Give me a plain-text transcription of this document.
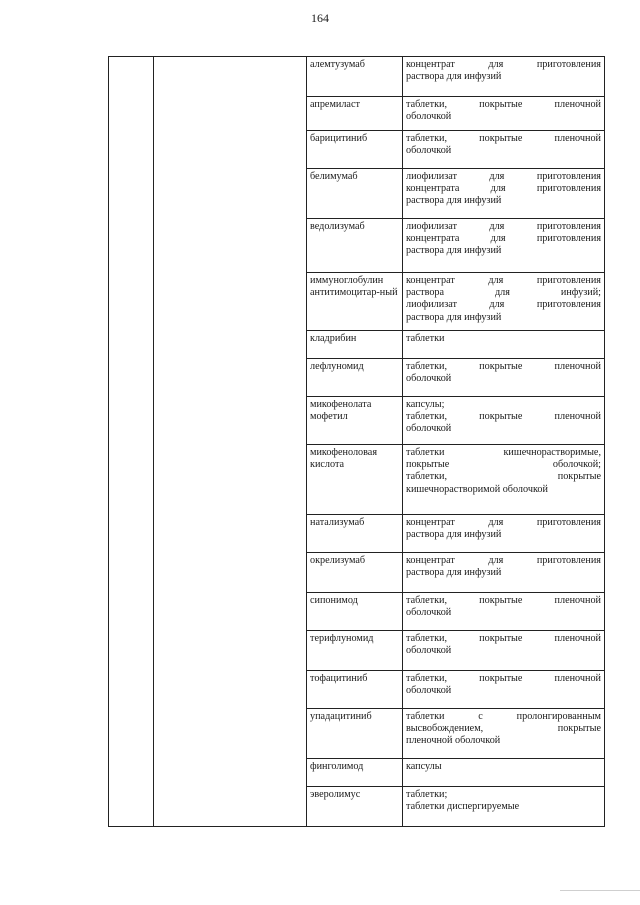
164
		алемтузумаб	концентрат для приготовления
раствора для инфузий

		апремиласт	таблетки, покрытые пленочной
оболочкой

		барицитиниб	таблетки, покрытые пленочной
оболочкой

		белимумаб	лиофилизат для приготовления
концентрата для приготовления
раствора для инфузий

		ведолизумаб	лиофилизат для приготовления
концентрата для приготовления
раствора для инфузий

		иммуноглобулин антитимоцитар-ный	концентрат для приготовления
раствора для инфузий;
лиофилизат для приготовления
раствора для инфузий

		кладрибин	таблетки

		лефлуномид	таблетки, покрытые пленочной
оболочкой

		микофенолата мофетил	капсулы;
таблетки, покрытые пленочной
оболочкой

		микофеноловая кислота	таблетки кишечнорастворимые,
покрытые оболочкой;
таблетки, покрытые
кишечнорастворимой оболочкой

		натализумаб	концентрат для приготовления
раствора для инфузий

		окрелизумаб	концентрат для приготовления
раствора для инфузий

		сипонимод	таблетки, покрытые пленочной
оболочкой

		терифлуномид	таблетки, покрытые пленочной
оболочкой

		тофацитиниб	таблетки, покрытые пленочной
оболочкой

		упадацитиниб	таблетки с пролонгированным
высвобождением, покрытые
пленочной оболочкой

		финголимод	капсулы

		эверолимус	таблетки;
таблетки диспергируемые
